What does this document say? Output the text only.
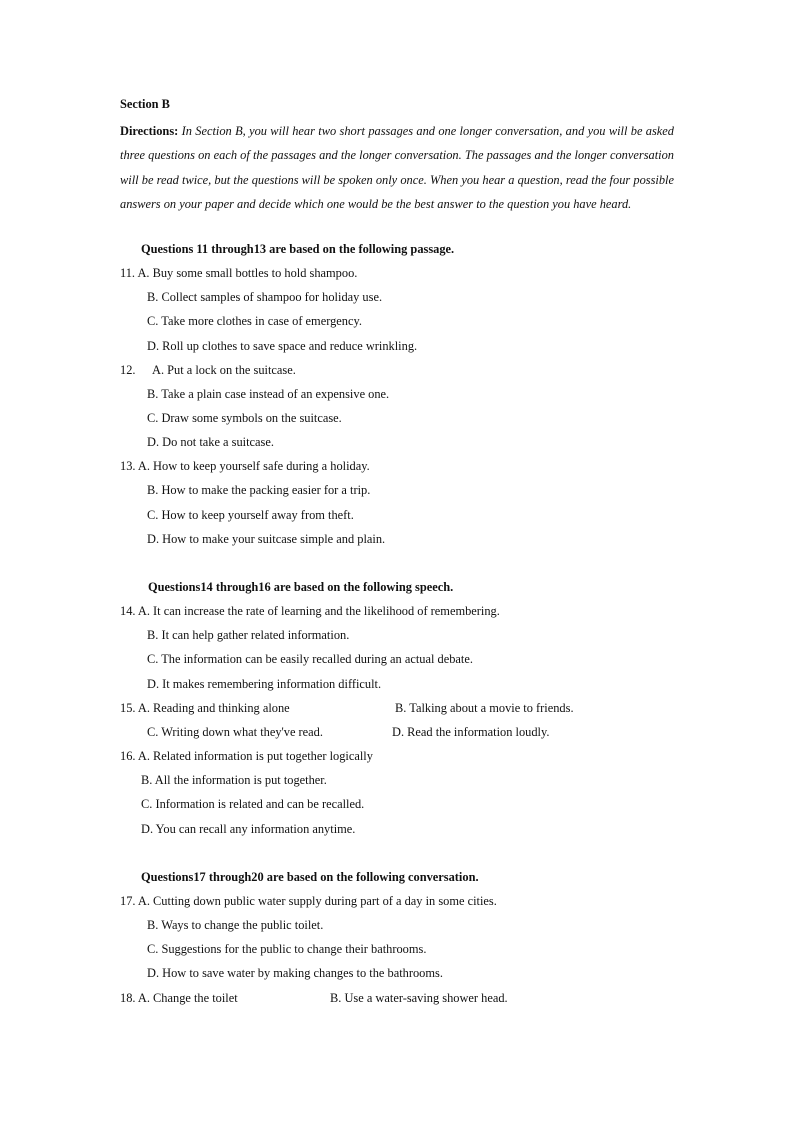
Section B
Directions: In Section B, you will hear two short passages and one longer conversation, and you will be asked three questions on each of the passages and the longer conversation. The passages and the longer conversation will be read twice, but the questions will be spoken only once. When you hear a question, read the four possible answers on your paper and decide which one would be the best answer to the question you have heard.
Questions 11 through13 are based on the following passage.
11. A. Buy some small bottles to hold shampoo.
B. Collect samples of shampoo for holiday use.
C. Take more clothes in case of emergency.
D. Roll up clothes to save space and reduce wrinkling.
12. A. Put a lock on the suitcase.
B. Take a plain case instead of an expensive one.
C. Draw some symbols on the suitcase.
D. Do not take a suitcase.
13. A. How to keep yourself safe during a holiday.
B. How to make the packing easier for a trip.
C. How to keep yourself away from theft.
D. How to make your suitcase simple and plain.
Questions14 through16 are based on the following speech.
14. A. It can increase the rate of learning and the likelihood of remembering.
B. It can help gather related information.
C. The information can be easily recalled during an actual debate.
D. It makes remembering information difficult.
15. A. Reading and thinking alone	B. Talking about a movie to friends.
C. Writing down what they've read.	D. Read the information loudly.
16. A. Related information is put together logically
B. All the information is put together.
C. Information is related and can be recalled.
D. You can recall any information anytime.
Questions17 through20 are based on the following conversation.
17. A. Cutting down public water supply during part of a day in some cities.
B. Ways to change the public toilet.
C. Suggestions for the public to change their bathrooms.
D. How to save water by making changes to the bathrooms.
18. A. Change the toilet	B. Use a water-saving shower head.
